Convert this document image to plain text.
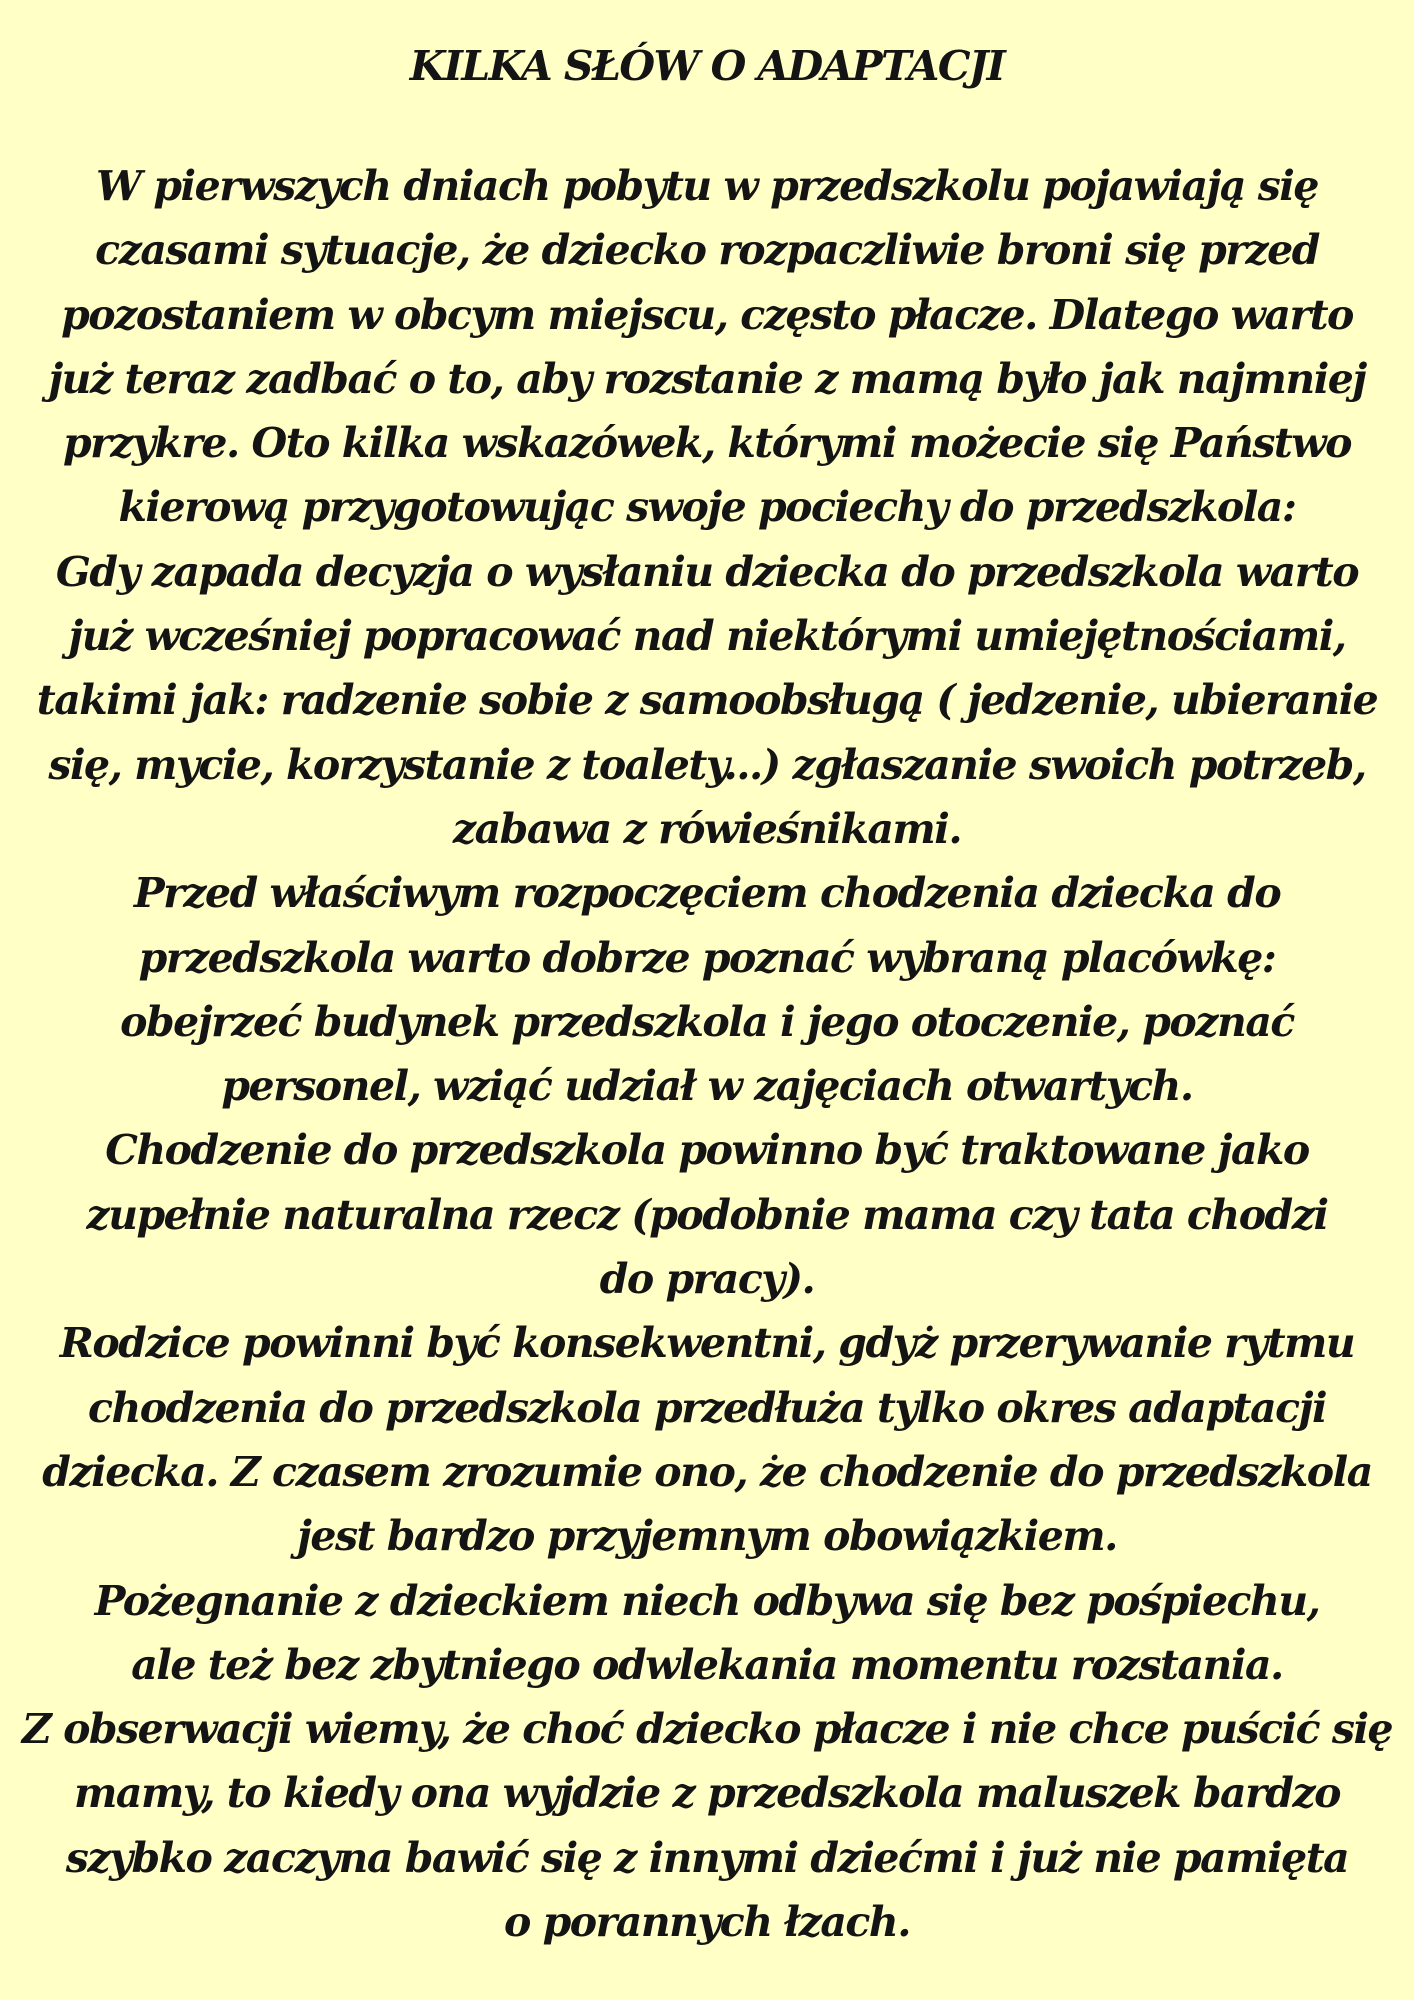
KILKA SŁÓW O ADAPTACJI
W pierwszych dniach pobytu w przedszkolu pojawiają się
czasami sytuacje, że dziecko rozpaczliwie broni się przed
pozostaniem w obcym miejscu, często płacze. Dlatego warto
już teraz zadbać o to, aby rozstanie z mamą było jak najmniej
przykre. Oto kilka wskazówek, którymi możecie się Państwo
kierową przygotowując swoje pociechy do przedszkola:
Gdy zapada decyzja o wysłaniu dziecka do przedszkola warto
już wcześniej popracować nad niektórymi umiejętnościami,
takimi jak: radzenie sobie z samoobsługą ( jedzenie, ubieranie
się, mycie, korzystanie z toalety...) zgłaszanie swoich potrzeb,
zabawa z rówieśnikami.
Przed właściwym rozpoczęciem chodzenia dziecka do
przedszkola warto dobrze poznać wybraną placówkę:
obejrzeć budynek przedszkola i jego otoczenie, poznać
personel, wziąć udział w zajęciach otwartych.
Chodzenie do przedszkola powinno być traktowane jako
zupełnie naturalna rzecz (podobnie mama czy tata chodzi
do pracy).
Rodzice powinni być konsekwentni, gdyż przerywanie rytmu
chodzenia do przedszkola przedłuża tylko okres adaptacji
dziecka. Z czasem zrozumie ono, że chodzenie do przedszkola
jest bardzo przyjemnym obowiązkiem.
Pożegnanie z dzieckiem niech odbywa się bez pośpiechu,
ale też bez zbytniego odwlekania momentu rozstania.
Z obserwacji wiemy, że choć dziecko płacze i nie chce puścić się
mamy, to kiedy ona wyjdzie z przedszkola maluszek bardzo
szybko zaczyna bawić się z innymi dziećmi i już nie pamięta
o porannych łzach.
